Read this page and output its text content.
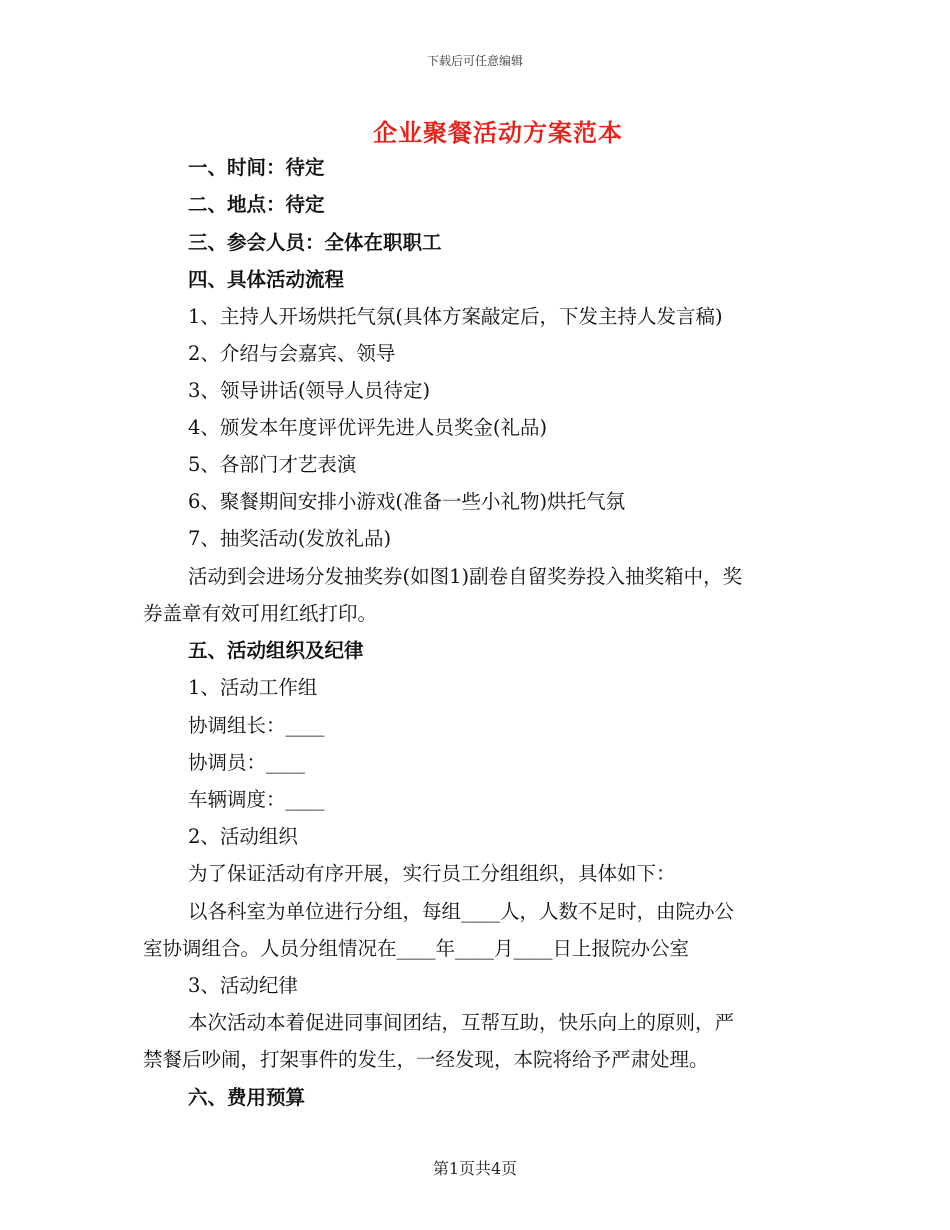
下载后可任意编辑
企业聚餐活动方案范本
一、时间：待定
二、地点：待定
三、参会人员：全体在职职工
四、具体活动流程
1、主持人开场烘托气氛(具体方案敲定后，下发主持人发言稿)
2、介绍与会嘉宾、领导
3、领导讲话(领导人员待定)
4、颁发本年度评优评先进人员奖金(礼品)
5、各部门才艺表演
6、聚餐期间安排小游戏(准备一些小礼物)烘托气氛
7、抽奖活动(发放礼品)
活动到会进场分发抽奖券(如图1)副卷自留奖券投入抽奖箱中，奖
券盖章有效可用红纸打印。
五、活动组织及纪律
1、活动工作组
协调组长：____
协调员：____
车辆调度：____
2、活动组织
为了保证活动有序开展，实行员工分组组织，具体如下：
以各科室为单位进行分组，每组____人，人数不足时，由院办公
室协调组合。人员分组情况在____年____月____日上报院办公室
3、活动纪律
本次活动本着促进同事间团结，互帮互助，快乐向上的原则，严
禁餐后吵闹，打架事件的发生，一经发现，本院将给予严肃处理。
六、费用预算
第1页共4页
